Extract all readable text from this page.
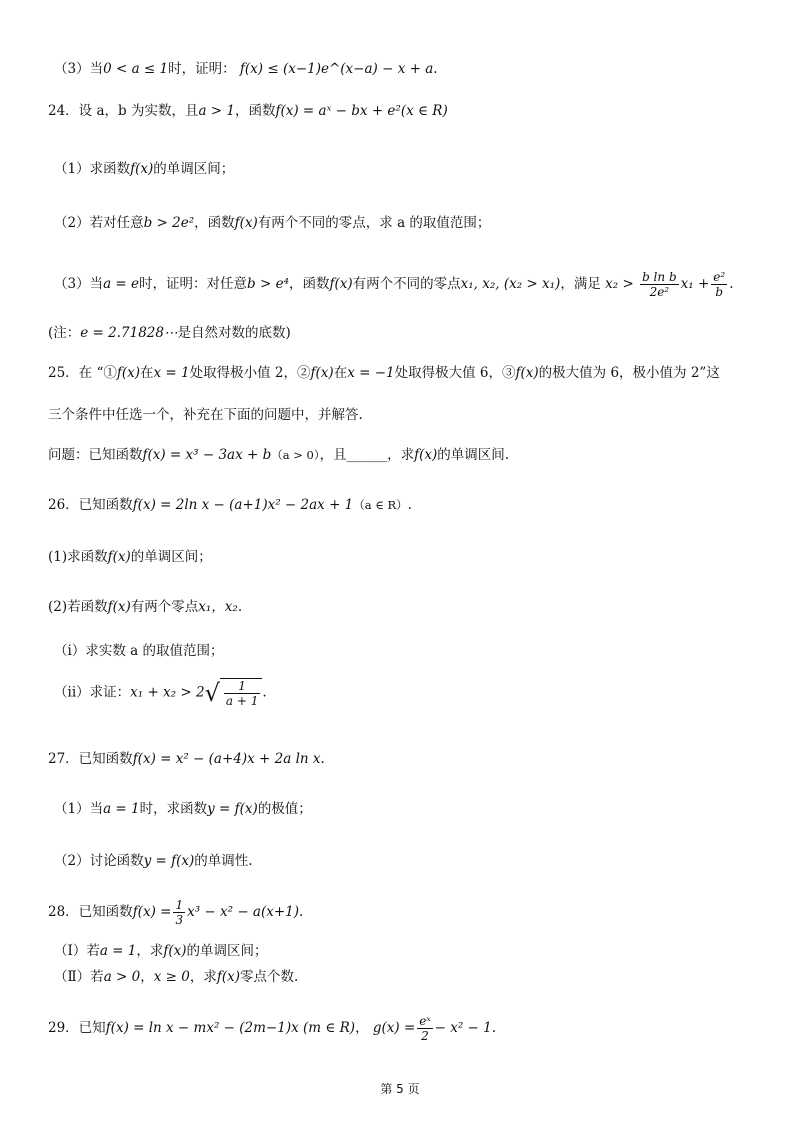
（3）当0 < a ≤ 1时，证明： f(x) ≤ (x−1)e^(x−a) − x + a.
24．设 a，b 为实数，且a > 1，函数f(x) = aˣ − bx + e²(x ∈ R)
（1）求函数f(x)的单调区间；
（2）若对任意b > 2e²，函数f(x)有两个不同的零点，求 a 的取值范围；
（3）当a = e时，证明：对任意b > e⁴，函数f(x)有两个不同的零点x₁, x₂, (x₂ > x₁)，满足 $x_2 > \frac{\text{b ln b}}{\text{2e²}} x_1 + \frac{\text{e²}}{b}$ .
(注：e = 2.71828⋯是自然对数的底数)
25．在 “①f(x)在x = 1处取得极小值 2，②f(x)在x = −1处取得极大值 6，③f(x)的极大值为 6，极小值为 2”这
三个条件中任选一个，补充在下面的问题中，并解答.
问题：已知函数f(x) = x³ − 3ax + b（a > 0），且______，求f(x)的单调区间.
26．已知函数f(x) = 2ln x − (a+1)x² − 2ax + 1（a ∈ R）.
(1)求函数f(x)的单调区间；
(2)若函数f(x)有两个零点x₁，x₂.
（i）求实数 a 的取值范围；
（ii）求证：$x_1 + x_2 > 2√ \frac{1}{a + 1}$ .
27．已知函数f(x) = x² − (a+4)x + 2a ln x.
（1）当a = 1时，求函数y = f(x)的极值；
（2）讨论函数y = f(x)的单调性.
28．已知函数$f(x) = \frac{1}{3} x^3 - x^2 - a(x+1)$.
（Ⅰ）若a = 1，求f(x)的单调区间；
（Ⅱ）若a > 0，x ≥ 0，求f(x)零点个数.
29．已知f(x) = ln x − mx² − (2m−1)x (m ∈ R)， $g(x) = \frac{\text{eˣ}}{2} - x^2 - 1$.
第 5 页
